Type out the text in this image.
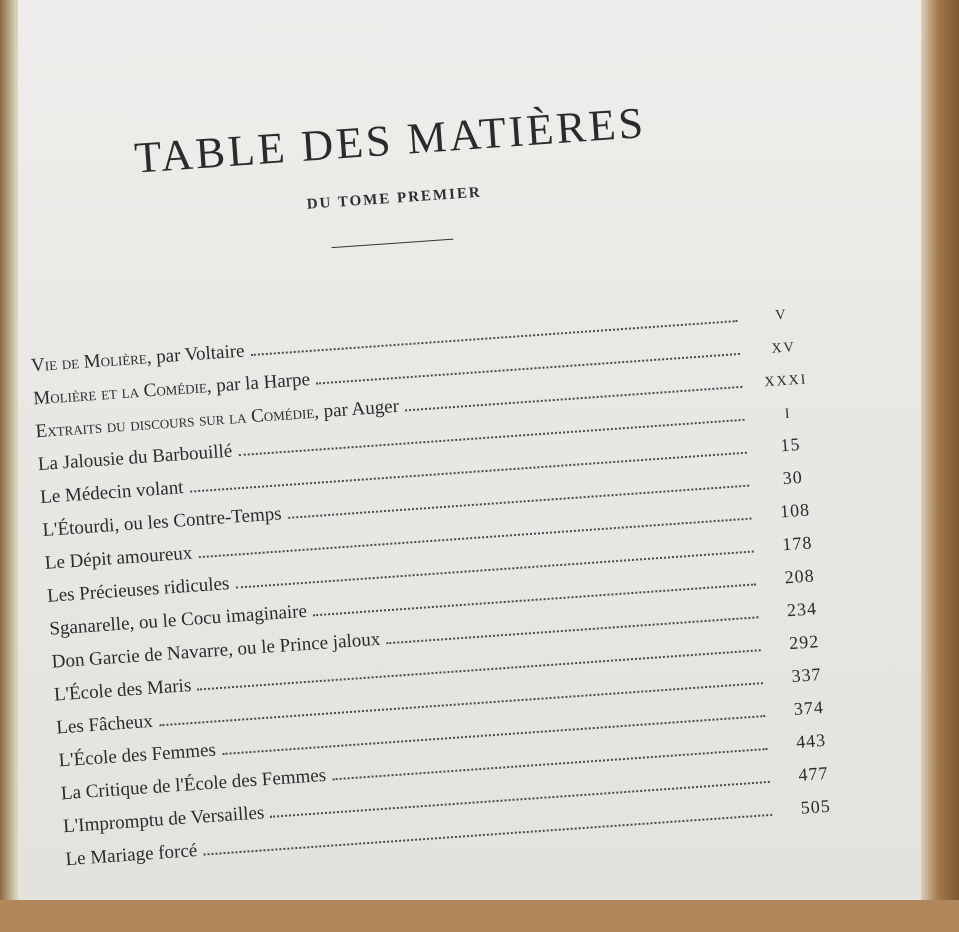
TABLE DES MATIÈRES
DU TOME PREMIER
Vie de Molière, par Voltaire
V
Molière et la Comédie, par la Harpe
XV
Extraits du discours sur la Comédie, par Auger
XXXI
La Jalousie du Barbouillé
I
Le Médecin volant
15
L'Étourdi, ou les Contre-Temps
30
Le Dépit amoureux
108
Les Précieuses ridicules
178
Sganarelle, ou le Cocu imaginaire
208
Don Garcie de Navarre, ou le Prince jaloux
234
L'École des Maris
292
Les Fâcheux
337
L'École des Femmes
374
La Critique de l'École des Femmes
443
L'Impromptu de Versailles
477
Le Mariage forcé
505
